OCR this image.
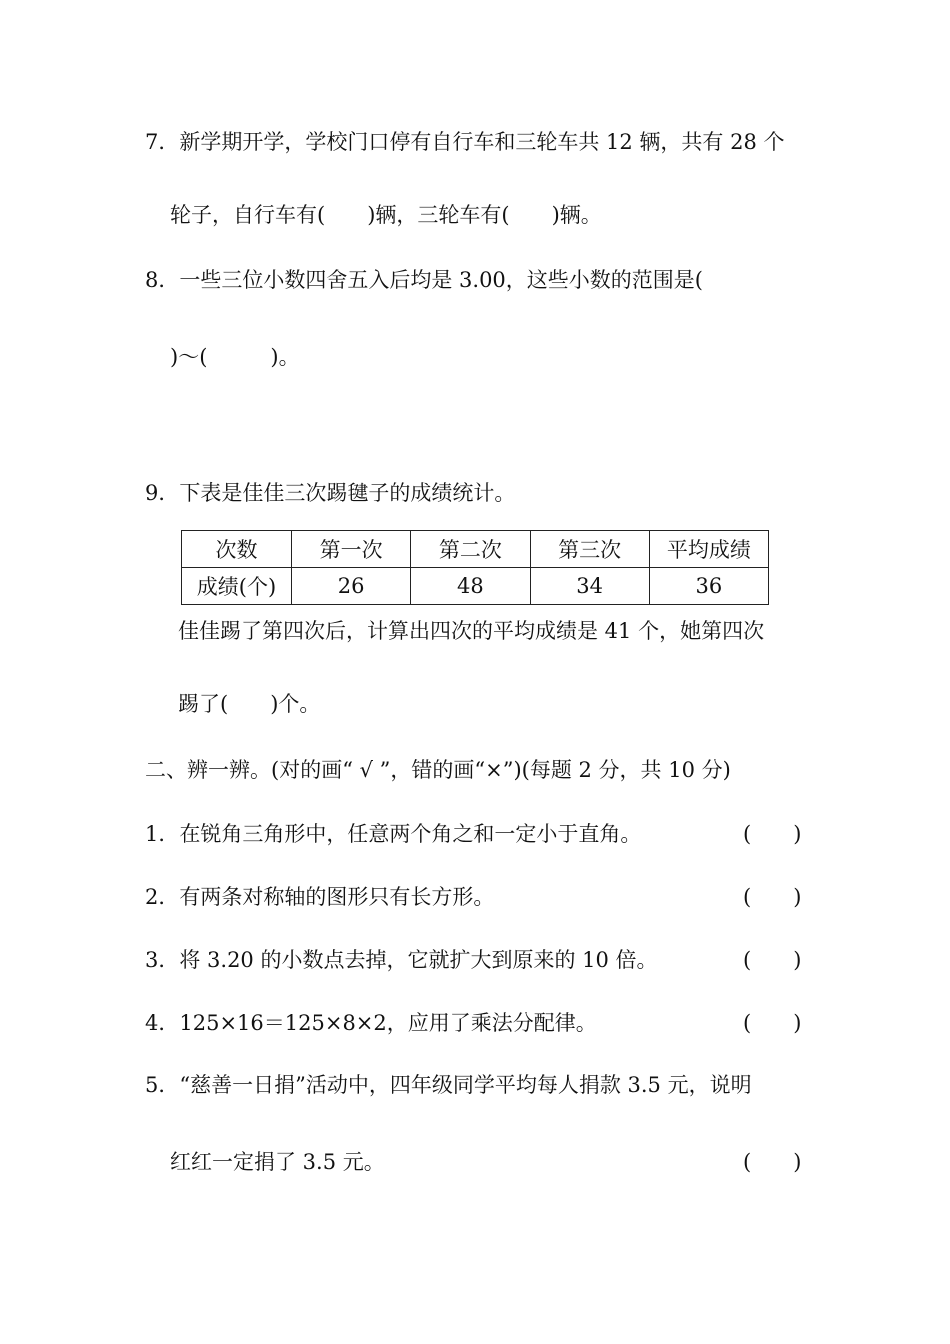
7．新学期开学，学校门口停有自行车和三轮车共 12 辆，共有 28 个
轮子，自行车有(　　)辆，三轮车有(　　)辆。
8．一些三位小数四舍五入后均是 3.00，这些小数的范围是(
)～(　　　)。
9．下表是佳佳三次踢毽子的成绩统计。
次数	第一次	第二次	第三次	平均成绩
成绩(个)	26	48	34	36
佳佳踢了第四次后，计算出四次的平均成绩是 41 个，她第四次
踢了(　　)个。
二、辨一辨。(对的画“ √ ”，错的画“×”)(每题 2 分，共 10 分)
1．在锐角三角形中，任意两个角之和一定小于直角。	(　　)
2．有两条对称轴的图形只有长方形。	(　　)
3．将 3.20 的小数点去掉，它就扩大到原来的 10 倍。	(　　)
4．125×16＝125×8×2，应用了乘法分配律。	(　　)
5．“慈善一日捐”活动中，四年级同学平均每人捐款 3.5 元，说明
红红一定捐了 3.5 元。	(　　)
